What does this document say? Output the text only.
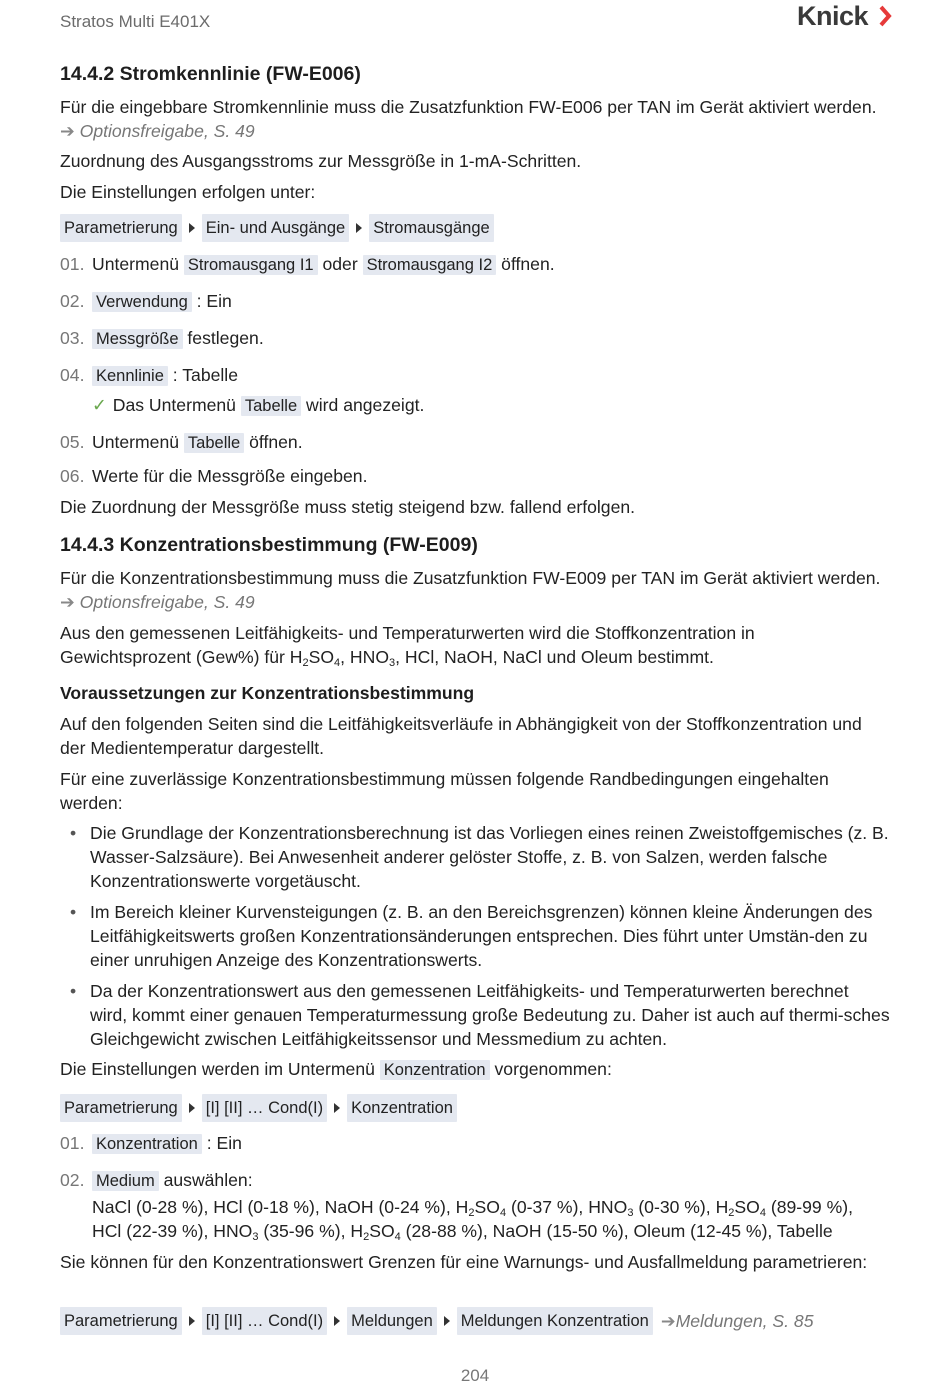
Stratos Multi E401X	Knick
14.4.2 Stromkennlinie (FW-E006)

Für die eingebbare Stromkennlinie muss die Zusatzfunktion FW-E006 per TAN im Gerät aktiviert werden. ➔ Optionsfreigabe, S. 49

Zuordnung des Ausgangsstroms zur Messgröße in 1-mA-Schritten.

Die Einstellungen erfolgen unter:

Parametrierung Ein- und Ausgänge Stromausgänge
01. Untermenü Stromausgang I1 oder Stromausgang I2 öffnen.
02. Verwendung : Ein
03. Messgröße festlegen.
04. Kennlinie : Tabelle
✓ Das Untermenü Tabelle wird angezeigt.
05. Untermenü Tabelle öffnen.
06. Werte für die Messgröße eingeben.

Die Zuordnung der Messgröße muss stetig steigend bzw. fallend erfolgen.

14.4.3 Konzentrationsbestimmung (FW-E009)

Für die Konzentrationsbestimmung muss die Zusatzfunktion FW-E009 per TAN im Gerät aktiviert werden. ➔ Optionsfreigabe, S. 49

Aus den gemessenen Leitfähigkeits- und Temperaturwerten wird die Stoffkonzentration in Gewichtsprozent (Gew%) für $H_2SO_4$, $HNO_3$, HCl, NaOH, NaCl und Oleum bestimmt.

Voraussetzungen zur Konzentrationsbestimmung

Auf den folgenden Seiten sind die Leitfähigkeitsverläufe in Abhängigkeit von der Stoffkonzentration und der Medientemperatur dargestellt.

Für eine zuverlässige Konzentrationsbestimmung müssen folgende Randbedingungen eingehalten werden:

• Die Grundlage der Konzentrationsberechnung ist das Vorliegen eines reinen Zweistoffgemisches (z. B. Wasser-Salzsäure). Bei Anwesenheit anderer gelöster Stoffe, z. B. von Salzen, werden falsche Konzentrationswerte vorgetäuscht.
• Im Bereich kleiner Kurvensteigungen (z. B. an den Bereichsgrenzen) können kleine Änderungen des Leitfähigkeitswerts großen Konzentrationsänderungen entsprechen. Dies führt unter Umstän-den zu einer unruhigen Anzeige des Konzentrationswerts.
• Da der Konzentrationswert aus den gemessenen Leitfähigkeits- und Temperaturwerten berechnet wird, kommt einer genauen Temperaturmessung große Bedeutung zu. Daher ist auch auf thermi-sches Gleichgewicht zwischen Leitfähigkeitssensor und Messmedium zu achten.

Die Einstellungen werden im Untermenü Konzentration vorgenommen:

Parametrierung [I] [II] … Cond(I) Konzentration
01. Konzentration : Ein
02. Medium auswählen:
NaCl (0-28 %), HCl (0-18 %), NaOH (0-24 %), $H_2SO_4$ (0-37 %), $HNO_3$ (0-30 %), $H_2SO_4$ (89-99 %),
HCl (22-39 %), $HNO_3$ (35-96 %), $H_2SO_4$ (28-88 %), NaOH (15-50 %), Oleum (12-45 %), Tabelle

Sie können für den Konzentrationswert Grenzen für eine Warnungs- und Ausfallmeldung parametrieren:

Parametrierung [I] [II] … Cond(I) Meldungen Meldungen Konzentration ➔ Meldungen, S. 85
204
